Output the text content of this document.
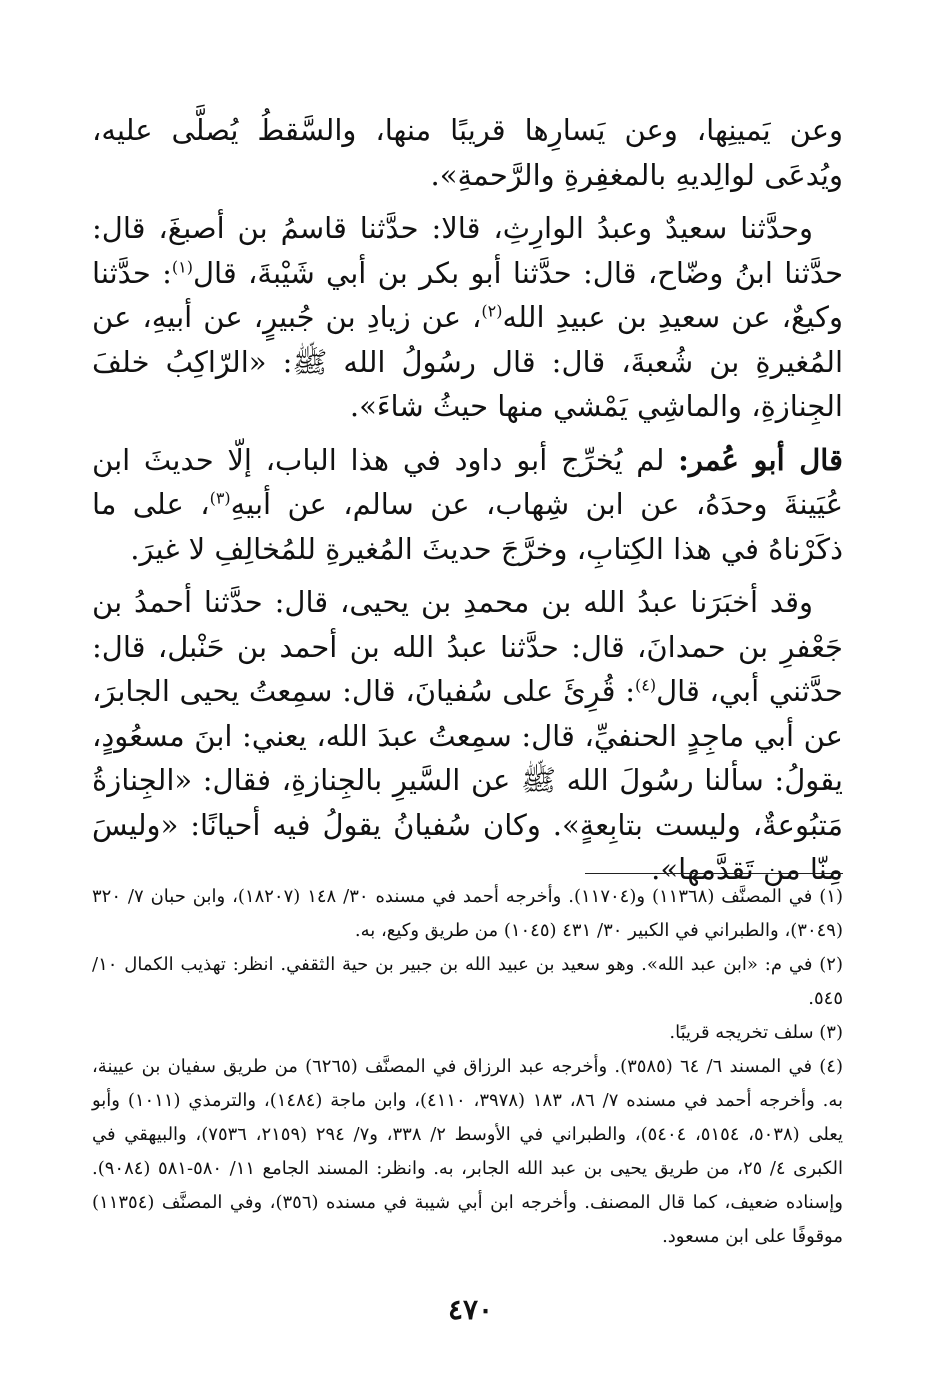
وعن يَمينِها، وعن يَسارِها قريبًا منها، والسَّقطُ يُصلَّى عليه، ويُدعَى لوالِديهِ بالمغفِرةِ والرَّحمةِ».

وحدَّثنا سعيدٌ وعبدُ الوارِثِ، قالا: حدَّثنا قاسمُ بن أصبغَ، قال: حدَّثنا ابنُ وضّاح، قال: حدَّثنا أبو بكر بن أبي شَيْبةَ، قال$^{(١)}$: حدَّثنا وكيعٌ، عن سعيدِ بن عبيدِ الله$^{(٢)}$، عن زيادِ بن جُبيرٍ، عن أبيهِ، عن المُغيرةِ بن شُعبةَ، قال: قال رسُولُ الله ﷺ: «الرّاكِبُ خلفَ الجِنازةِ، والماشِي يَمْشي منها حيثُ شاءَ».

قال أبو عُمر: لم يُخرِّج أبو داود في هذا الباب، إلّا حديثَ ابن عُيَينةَ وحدَهُ، عن ابن شِهاب، عن سالم، عن أبيهِ$^{(٣)}$، على ما ذكَرْناهُ في هذا الكِتابِ، وخرَّجَ حديثَ المُغيرةِ للمُخالِفِ لا غيرَ.

وقد أخبَرَنا عبدُ الله بن محمدِ بن يحيى، قال: حدَّثنا أحمدُ بن جَعْفرِ بن حمدانَ، قال: حدَّثنا عبدُ الله بن أحمد بن حَنْبل، قال: حدَّثني أبي، قال$^{(٤)}$: قُرِئَ على سُفيانَ، قال: سمِعتُ يحيى الجابرَ، عن أبي ماجِدٍ الحنفيِّ، قال: سمِعتُ عبدَ الله، يعني: ابنَ مسعُودٍ، يقولُ: سألنا رسُولَ الله ﷺ عن السَّيرِ بالجِنازةِ، فقال: «الجِنازةُ مَتبُوعةٌ، وليست بتابِعةٍ». وكان سُفيانُ يقولُ فيه أحيانًا: «وليسَ مِنّا من تَقدَّمها».

(١) في المصنَّف (١١٣٦٨) و(١١٧٠٤). وأخرجه أحمد في مسنده ٣٠/ ١٤٨ (١٨٢٠٧)، وابن حبان ٧/ ٣٢٠ (٣٠٤٩)، والطبراني في الكبير ٣٠/ ٤٣١ (١٠٤٥) من طريق وكيع، به.

(٢) في م: «ابن عبد الله». وهو سعيد بن عبيد الله بن جبير بن حية الثقفي. انظر: تهذيب الكمال ١٠/ ٥٤٥.

(٣) سلف تخريجه قريبًا.

(٤) في المسند ٦/ ٦٤ (٣٥٨٥). وأخرجه عبد الرزاق في المصنَّف (٦٢٦٥) من طريق سفيان بن عيينة، به. وأخرجه أحمد في مسنده ٧/ ٨٦، ١٨٣ (٣٩٧٨، ٤١١٠)، وابن ماجة (١٤٨٤)، والترمذي (١٠١١) وأبو يعلى (٥٠٣٨، ٥١٥٤، ٥٤٠٤)، والطبراني في الأوسط ٢/ ٣٣٨، و٧/ ٢٩٤ (٢١٥٩، ٧٥٣٦)، والبيهقي في الكبرى ٤/ ٢٥، من طريق يحيى بن عبد الله الجابر، به. وانظر: المسند الجامع ١١/ ٥٨٠-٥٨١ (٩٠٨٤). وإسناده ضعيف، كما قال المصنف. وأخرجه ابن أبي شيبة في مسنده (٣٥٦)، وفي المصنَّف (١١٣٥٤) موقوفًا على ابن مسعود.

٤٧٠
